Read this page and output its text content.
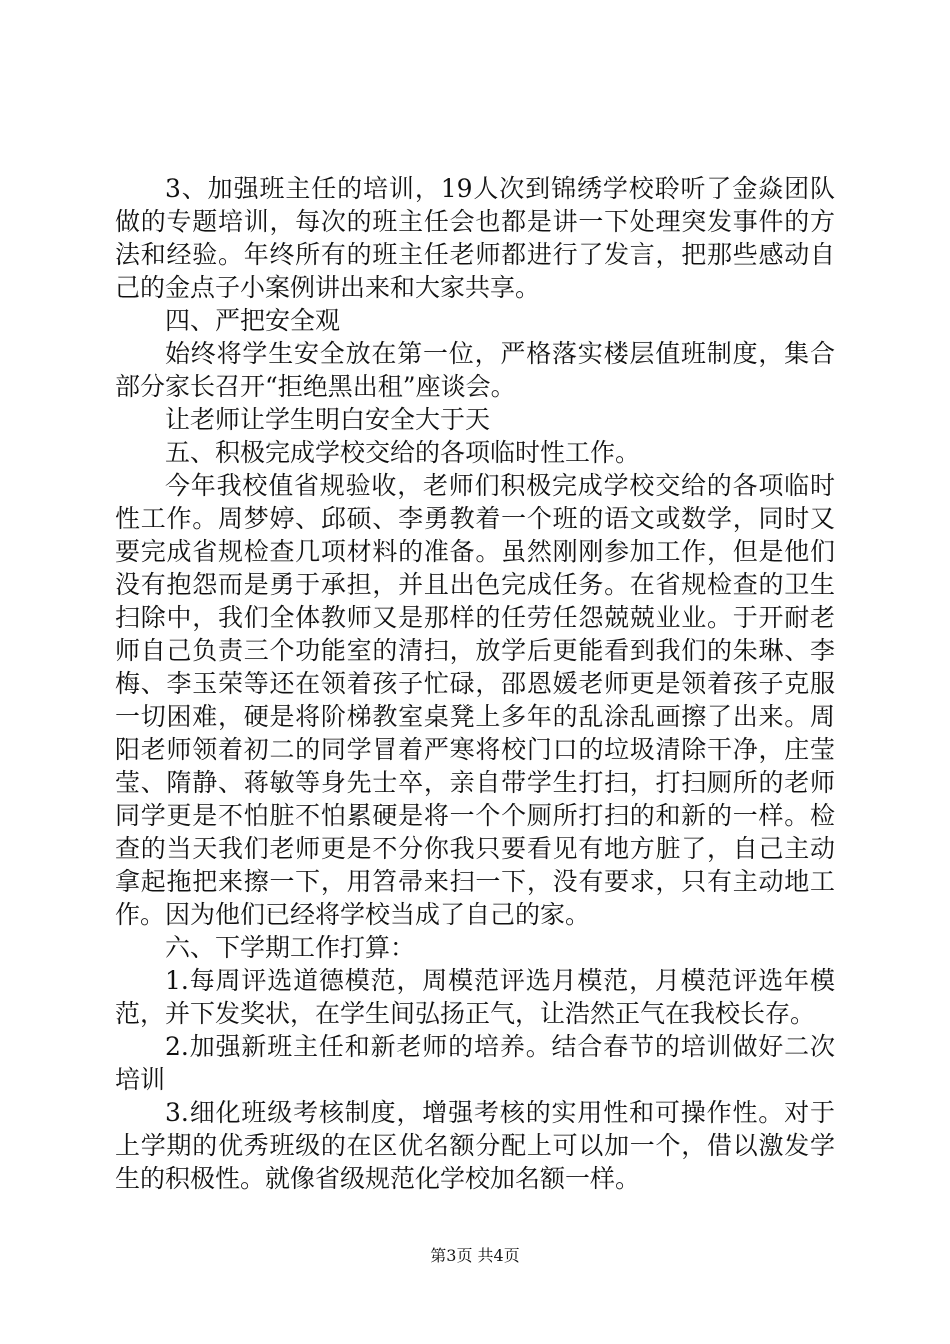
3、加强班主任的培训，19人次到锦绣学校聆听了金焱团队做的专题培训，每次的班主任会也都是讲一下处理突发事件的方法和经验。年终所有的班主任老师都进行了发言，把那些感动自己的金点子小案例讲出来和大家共享。

四、严把安全观

始终将学生安全放在第一位，严格落实楼层值班制度，集合部分家长召开“拒绝黑出租”座谈会。

让老师让学生明白安全大于天

五、积极完成学校交给的各项临时性工作。

今年我校值省规验收，老师们积极完成学校交给的各项临时性工作。周梦婷、邱硕、李勇教着一个班的语文或数学，同时又要完成省规检查几项材料的准备。虽然刚刚参加工作，但是他们没有抱怨而是勇于承担，并且出色完成任务。在省规检查的卫生扫除中，我们全体教师又是那样的任劳任怨兢兢业业。于开耐老师自己负责三个功能室的清扫，放学后更能看到我们的朱琳、李梅、李玉荣等还在领着孩子忙碌，邵恩媛老师更是领着孩子克服一切困难，硬是将阶梯教室桌凳上多年的乱涂乱画擦了出来。周阳老师领着初二的同学冒着严寒将校门口的垃圾清除干净，庄莹莹、隋静、蒋敏等身先士卒，亲自带学生打扫，打扫厕所的老师同学更是不怕脏不怕累硬是将一个个厕所打扫的和新的一样。检查的当天我们老师更是不分你我只要看见有地方脏了，自己主动拿起拖把来擦一下，用笤帚来扫一下，没有要求，只有主动地工作。因为他们已经将学校当成了自己的家。

六、下学期工作打算：

1.每周评选道德模范，周模范评选月模范，月模范评选年模范，并下发奖状，在学生间弘扬正气，让浩然正气在我校长存。

2.加强新班主任和新老师的培养。结合春节的培训做好二次培训

3.细化班级考核制度，增强考核的实用性和可操作性。对于上学期的优秀班级的在区优名额分配上可以加一个，借以激发学生的积极性。就像省级规范化学校加名额一样。

第3页 共4页
